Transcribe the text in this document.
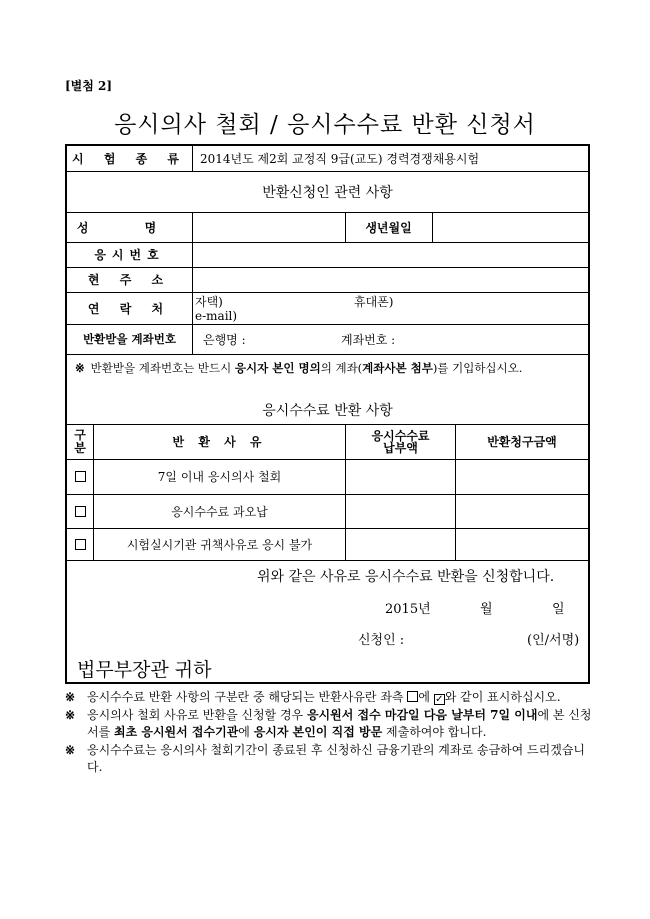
[별첨 2]
응시의사 철회 / 응시수수료 반환 신청서
시 험 종 류	2014년도 제2회 교정직 9급(교도) 경력경쟁채용시험
반환신청인 관련 사항
성 명	생년월일
응시번호
현 주 소
연 락 처	자택)	휴대폰)
e-mail)
반환받을 계좌번호	은행명 :	계좌번호 :
※ 반환받을 계좌번호는 반드시
응시자 본인 명의 의 계좌( 계좌사본 첨부 )를 기입하십시오.
응시수수료 반환 사항
구분	반 환 사 유	응시수수료 납부액	반환청구금액
7일 이내 응시의사 철회
응시수수료 과오납
시험실시기관 귀책사유로 응시 불가
위와 같은 사유로 응시수수료 반환을 신청합니다.
2015년	월	일
신청인 :	(인/서명)
법무부장관 귀하
※ 응시수수료 반환 사항의 구분란 중 해당되는 반환사유란 좌측 에 ✓와 같이 표시하십시오.
※ 응시의사 철회 사유로 반환을 신청할 경우 응시원서 접수 마감일 다음 날부터 7일 이내에 본 신청서를 최초 응시원서 접수기관에 응시자 본인이 직접 방문 제출하여야 합니다.
※ 응시수수료는 응시의사 철회기간이 종료된 후 신청하신 금융기관의 계좌로 송금하여 드리겠습니다.
